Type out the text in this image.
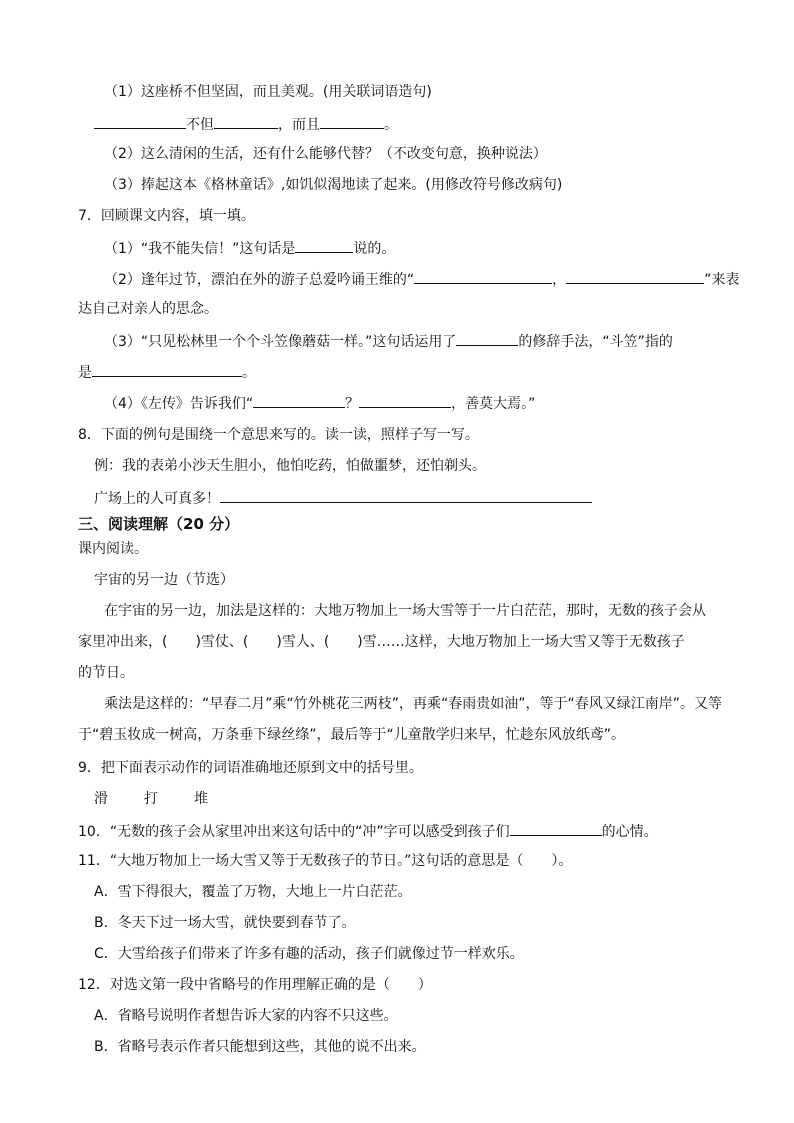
（1）这座桥不但坚固，而且美观。(用关联词语造句)
不但	，而且	。
（2）这么清闲的生活，还有什么能够代替？（不改变句意，换种说法）
（3）捧起这本《格林童话》,如饥似渴地读了起来。(用修改符号修改病句)
7．回顾课文内容，填一填。
（1）“我不能失信！”这句话是	说的。
（2）逢年过节，漂泊在外的游子总爱吟诵王维的“	，	”来表
达自己对亲人的思念。
（3）“只见松林里一个个斗笠像蘑菇一样。”这句话运用了	的修辞手法，“斗笠”指的
是	。
（4）《左传》告诉我们“	？	，善莫大焉。”
8．下面的例句是围绕一个意思来写的。读一读，照样子写一写。
例：我的表弟小沙天生胆小，他怕吃药，怕做噩梦，还怕剃头。
广场上的人可真多！
三、阅读理解（20 分）
课内阅读。
宇宙的另一边（节选）
在宇宙的另一边，加法是这样的：大地万物加上一场大雪等于一片白茫茫，那时，无数的孩子会从
家里冲出来，(　　)雪仗、(　　)雪人、(　　)雪……这样，大地万物加上一场大雪又等于无数孩子
的节日。
乘法是这样的：“早春二月”乘“竹外桃花三两枝”，再乘“春雨贵如油”，等于“春风又绿江南岸”。又等
于“碧玉妆成一树高，万条垂下绿丝绦”，最后等于“儿童散学归来早，忙趁东风放纸鸢”。
9．把下面表示动作的词语准确地还原到文中的括号里。
滑	打	堆
10．“无数的孩子会从家里冲出来这句话中的“冲”字可以感受到孩子们	的心情。
11．“大地万物加上一场大雪又等于无数孩子的节日。”这句话的意思是（　　）。
A．雪下得很大，覆盖了万物，大地上一片白茫茫。
B．冬天下过一场大雪，就快要到春节了。
C．大雪给孩子们带来了许多有趣的活动，孩子们就像过节一样欢乐。
12．对选文第一段中省略号的作用理解正确的是（　　）
A．省略号说明作者想告诉大家的内容不只这些。
B．省略号表示作者只能想到这些，其他的说不出来。
